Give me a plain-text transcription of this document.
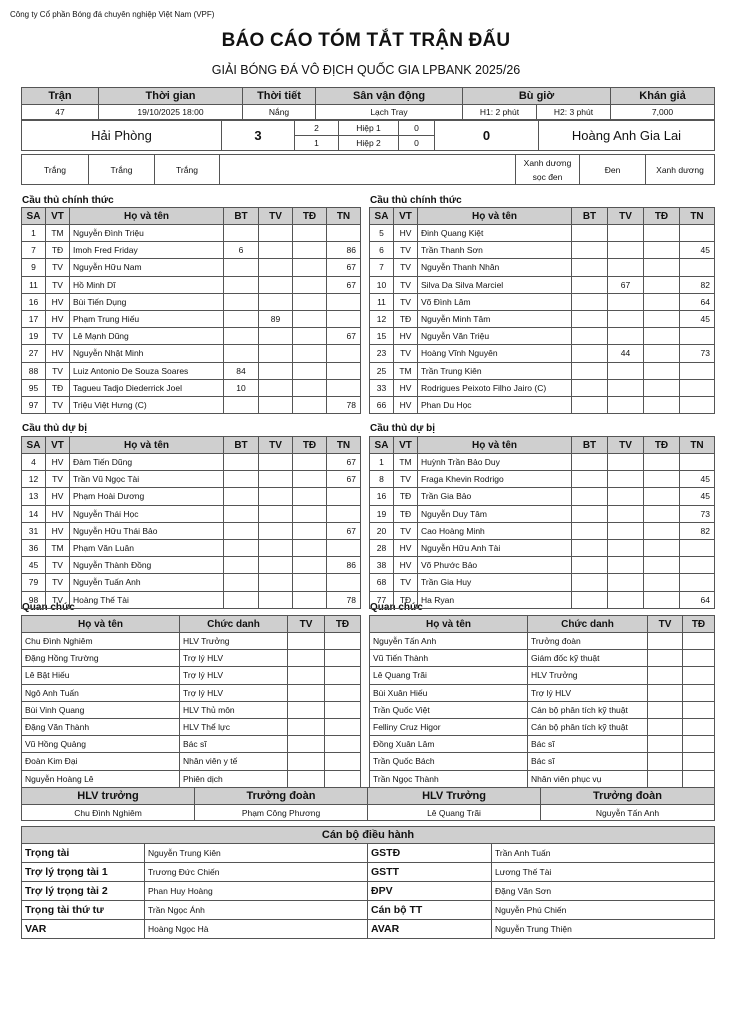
Công ty Cổ phần Bóng đá chuyên nghiệp Việt Nam (VPF)
BÁO CÁO TÓM TẮT TRẬN ĐẤU
GIẢI BÓNG ĐÁ VÔ ĐỊCH QUỐC GIA LPBANK 2025/26
Trận	Thời gian	Thời tiết	Sân vận động	Bù giờ		Khán giả
47	19/10/2025 18:00	Nắng	Lạch Tray	H1: 2 phút	H2: 3 phút	7,000
Hải Phòng	3	2	Hiệp 1	0	0	Hoàng Anh Gia Lai
		1	Hiệp 2	0		
Trắng	Trắng	Trắng		Xanh dương sọc đen	Đen	Xanh dương
Cầu thủ chính thức	Cầu thủ chính thức
Cầu thủ dự bị	Cầu thủ dự bị
Quan chức	Quan chức
SA	VT	Họ và tên	BT	TV	TĐ	TN
1	TM	Nguyễn Đình Triệu				
7	TĐ	Imoh Fred Friday	6			86
9	TV	Nguyễn Hữu Nam				67
11	TV	Hồ Minh Dĩ				67
16	HV	Bùi Tiến Dụng				
17	HV	Phạm Trung Hiếu		89		
19	TV	Lê Mạnh Dũng				67
27	HV	Nguyễn Nhật Minh				
88	TV	Luiz Antonio De Souza Soares	84			
95	TĐ	Tagueu Tadjo Diederrick Joel	10			
97	TV	Triệu Việt Hưng (C)				78
SA	VT	Họ và tên	BT	TV	TĐ	TN
5	HV	Đinh Quang Kiệt				
6	TV	Trần Thanh Sơn				45
7	TV	Nguyễn Thanh Nhân				
10	TV	Silva Da Silva Marciel		67		82
11	TV	Võ Đình Lâm				64
12	TĐ	Nguyễn Minh Tâm				45
15	HV	Nguyễn Văn Triệu				
23	TV	Hoàng Vĩnh Nguyên		44		73
25	TM	Trần Trung Kiên				
33	HV	Rodrigues Peixoto Filho Jairo (C)				
66	HV	Phan Du Học				
SA	VT	Họ và tên	BT	TV	TĐ	TN
4	HV	Đàm Tiến Dũng				67
12	TV	Trần Vũ Ngọc Tài				67
13	HV	Phạm Hoài Dương				
14	HV	Nguyễn Thái Học				
31	HV	Nguyễn Hữu Thái Bảo				67
36	TM	Phạm Văn Luân				
45	TV	Nguyễn Thành Đồng				86
79	TV	Nguyễn Tuấn Anh				
98	TV	Hoàng Thế Tài				78
SA	VT	Họ và tên	BT	TV	TĐ	TN
1	TM	Huỳnh Trần Bảo Duy				
8	TV	Fraga Khevin Rodrigo				45
16	TĐ	Trần Gia Bảo				45
19	TĐ	Nguyễn Duy Tâm				73
20	TV	Cao Hoàng Minh				82
28	HV	Nguyễn Hữu Anh Tài				
38	HV	Võ Phước Bảo				
68	TV	Trần Gia Huy				
77	TĐ	Ha Ryan				64
Họ và tên	Chức danh	TV	TĐ
Chu Đình Nghiêm	HLV Trưởng		
Đặng Hồng Trường	Trợ lý HLV		
Lê Bật Hiếu	Trợ lý HLV		
Ngô Anh Tuấn	Trợ lý HLV		
Bùi Vinh Quang	HLV Thủ môn		
Đặng Văn Thành	HLV Thể lực		
Vũ Hồng Quảng	Bác sĩ		
Đoàn Kim Đại	Nhân viên y tế		
Nguyễn Hoàng Lê	Phiên dịch		
Họ và tên	Chức danh	TV	TĐ
Nguyễn Tấn Anh	Trưởng đoàn		
Vũ Tiến Thành	Giám đốc kỹ thuật		
Lê Quang Trãi	HLV Trưởng		
Bùi Xuân Hiếu	Trợ lý HLV		
Trần Quốc Việt	Cán bộ phân tích kỹ thuật		
Felliny Cruz Higor	Cán bộ phân tích kỹ thuật		
Đồng Xuân Lâm	Bác sĩ		
Trần Quốc Bách	Bác sĩ		
Trần Ngọc Thành	Nhân viên phục vụ		
HLV trưởng	Trưởng đoàn	HLV Trưởng	Trưởng đoàn
Chu Đình Nghiêm	Phạm Công Phương	Lê Quang Trãi	Nguyễn Tấn Anh
Cán bộ điều hành			
Trọng tài	Nguyễn Trung Kiên	GSTĐ	Trần Anh Tuấn
Trợ lý trọng tài 1	Trương Đức Chiến	GSTT	Lương Thế Tài
Trợ lý trọng tài 2	Phan Huy Hoàng	ĐPV	Đặng Văn Sơn
Trọng tài thứ tư	Trần Ngọc Ánh	Cán bộ TT	Nguyễn Phú Chiến
VAR	Hoàng Ngọc Hà	AVAR	Nguyễn Trung Thiện
